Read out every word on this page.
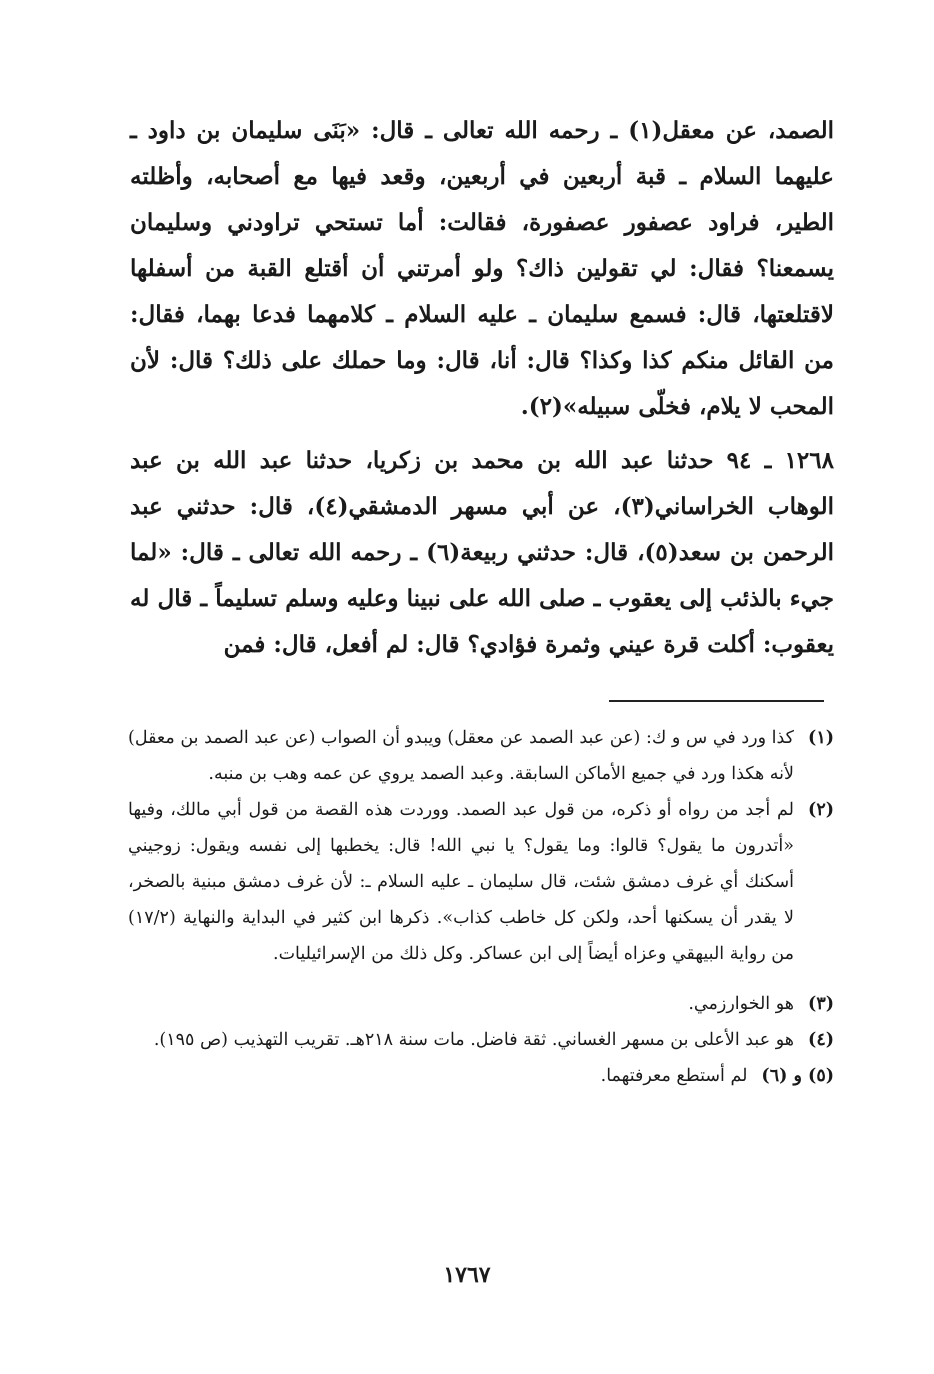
الصمد، عن معقل(١) ـ رحمه الله تعالى ـ قال: «بَنَى سليمان بن داود ـ عليهما السلام ـ قبة أربعين في أربعين، وقعد فيها مع أصحابه، وأظلته الطير، فراود عصفور عصفورة، فقالت: أما تستحي تراودني وسليمان يسمعنا؟ فقال: لي تقولين ذاك؟ ولو أمرتني أن أقتلع القبة من أسفلها لاقتلعتها، قال: فسمع سليمان ـ عليه السلام ـ كلامهما فدعا بهما، فقال: من القائل منكم كذا وكذا؟ قال: أنا، قال: وما حملك على ذلك؟ قال: لأن المحب لا يلام، فخلّى سبيله»(٢).

١٢٦٨ ـ ٩٤ حدثنا عبد الله بن محمد بن زكريا، حدثنا عبد الله بن عبد الوهاب الخراساني(٣)، عن أبي مسهر الدمشقي(٤)، قال: حدثني عبد الرحمن بن سعد(٥)، قال: حدثني ربيعة(٦) ـ رحمه الله تعالى ـ قال: «لما جيء بالذئب إلى يعقوب ـ صلى الله على نبينا وعليه وسلم تسليماً ـ قال له يعقوب: أكلت قرة عيني وثمرة فؤادي؟ قال: لم أفعل، قال: فمن

(١)
كذا ورد في س و ك: (عن عبد الصمد عن معقل) ويبدو أن الصواب (عن عبد الصمد بن معقل) لأنه هكذا ورد في جميع الأماكن السابقة. وعبد الصمد يروي عن عمه وهب بن منبه.
(٢)
لم أجد من رواه أو ذكره، من قول عبد الصمد. ووردت هذه القصة من قول أبي مالك، وفيها «أتدرون ما يقول؟ قالوا: وما يقول؟ يا نبي الله! قال: يخطبها إلى نفسه ويقول: زوجيني أسكنك أي غرف دمشق شئت، قال سليمان ـ عليه السلام ـ: لأن غرف دمشق مبنية بالصخر، لا يقدر أن يسكنها أحد، ولكن كل خاطب كذاب». ذكرها ابن كثير في البداية والنهاية (١٧/٢) من رواية البيهقي وعزاه أيضاً إلى ابن عساكر. وكل ذلك من الإسرائيليات.
(٣)
هو الخوارزمي.
(٤)
هو عبد الأعلى بن مسهر الغساني. ثقة فاضل. مات سنة ٢١٨هـ. تقريب التهذيب (ص ١٩٥).
(٥) و (٦)
لم أستطع معرفتهما.
١٧٦٧
